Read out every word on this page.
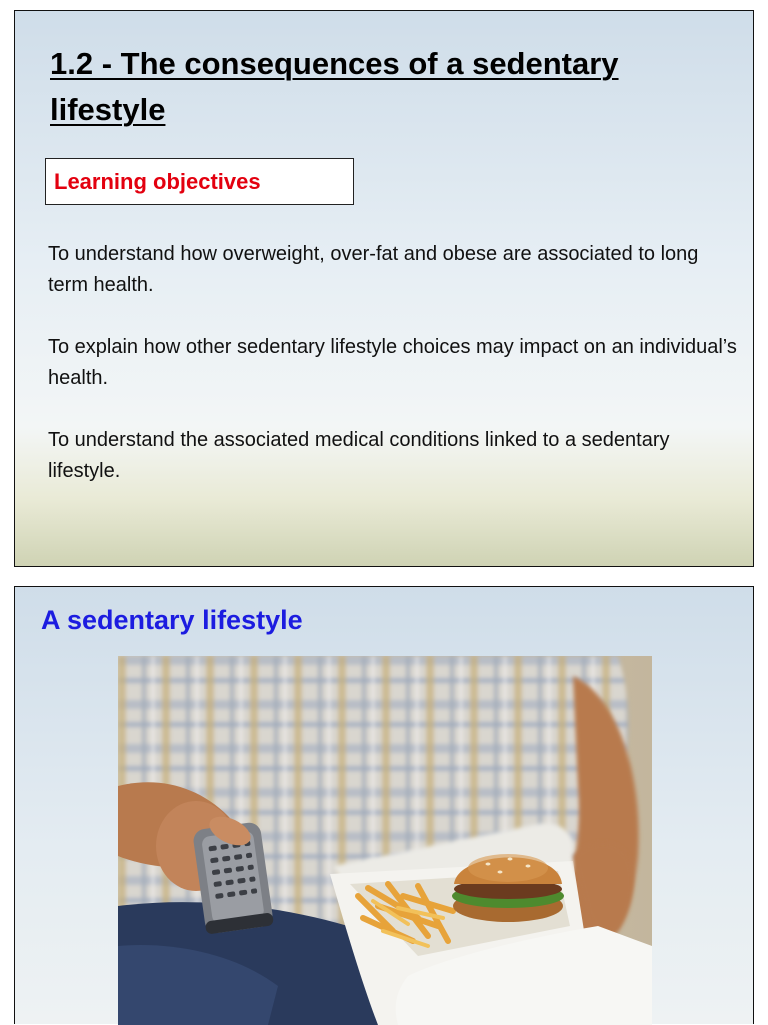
1.2 - The consequences of a sedentary lifestyle
Learning objectives
To understand how overweight, over-fat and obese are associated to long term health.
To explain how other sedentary lifestyle choices may impact on an individual’s health.
To understand the associated medical conditions linked to a sedentary lifestyle.
A sedentary lifestyle
